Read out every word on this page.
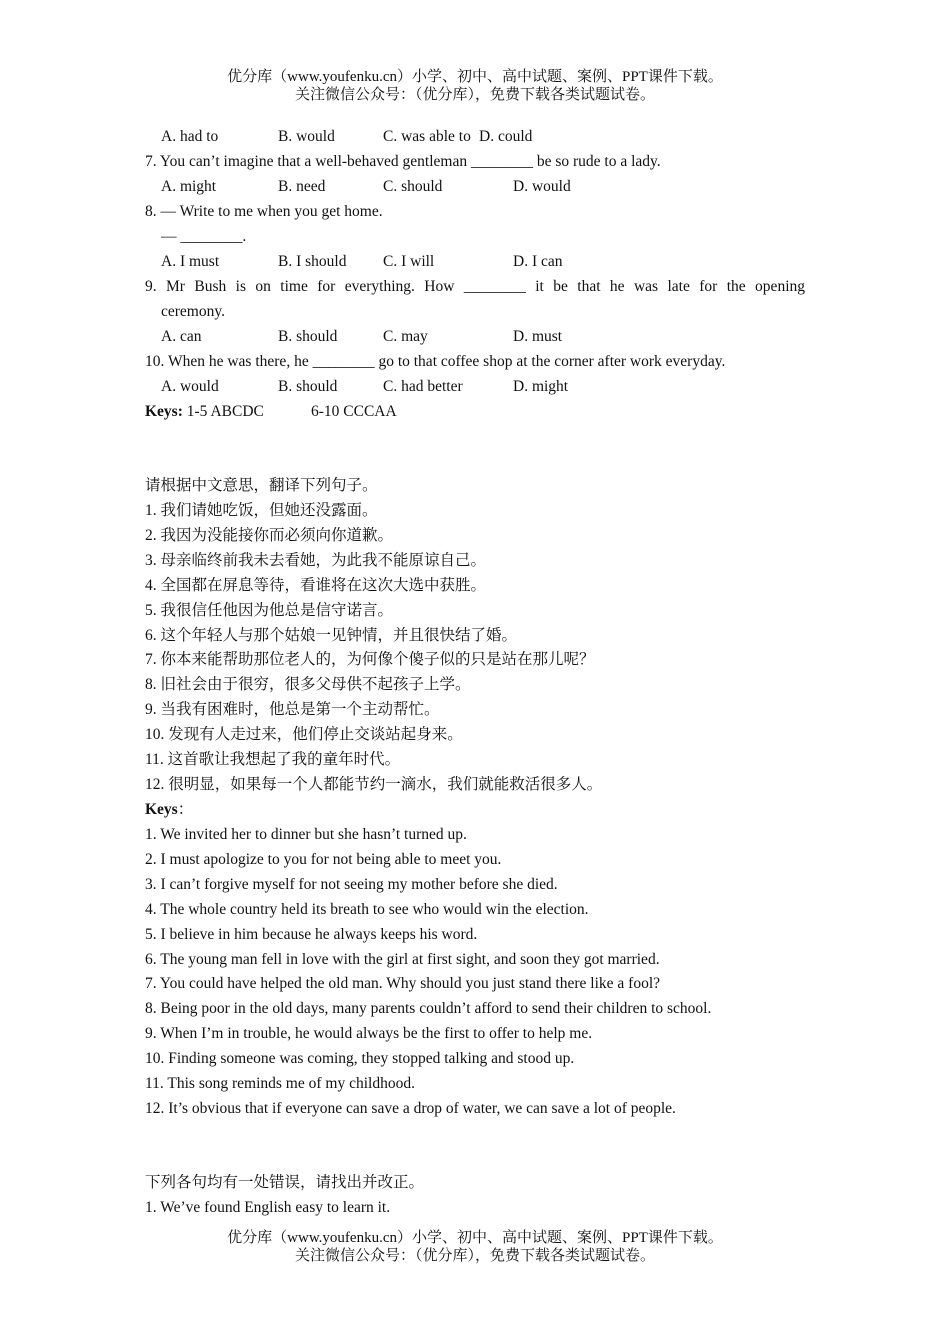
优分库（www.youfenku.cn）小学、初中、高中试题、案例、PPT课件下载。
关注微信公众号：（优分库），免费下载各类试题试卷。
A. had to	B. would	C. was able to D. could
7. You can’t imagine that a well-behaved gentleman ________ be so rude to a lady.
A. might	B. need	C. should	D. would
8. — Write to me when you get home.
— ________.
A. I must	B. I should C. I will	D. I can
9. Mr Bush is on time for everything. How ________ it be that he was late for the opening
ceremony.
A. can	B. should	C. may	D. must
10. When he was there, he ________ go to that coffee shop at the corner after work everyday.
A. would	B. should	C. had better	D. might
Keys: 1-5 ABCDC	6-10 CCCAA
请根据中文意思，翻译下列句子。
1. 我们请她吃饭，但她还没露面。
2. 我因为没能接你而必须向你道歉。
3. 母亲临终前我未去看她，为此我不能原谅自己。
4. 全国都在屏息等待，看谁将在这次大选中获胜。
5. 我很信任他因为他总是信守诺言。
6. 这个年轻人与那个姑娘一见钟情，并且很快结了婚。
7. 你本来能帮助那位老人的，为何像个傻子似的只是站在那儿呢？
8. 旧社会由于很穷，很多父母供不起孩子上学。
9. 当我有困难时，他总是第一个主动帮忙。
10. 发现有人走过来，他们停止交谈站起身来。
11. 这首歌让我想起了我的童年时代。
12. 很明显，如果每一个人都能节约一滴水，我们就能救活很多人。
Keys：
1. We invited her to dinner but she hasn’t turned up.
2. I must apologize to you for not being able to meet you.
3. I can’t forgive myself for not seeing my mother before she died.
4. The whole country held its breath to see who would win the election.
5. I believe in him because he always keeps his word.
6. The young man fell in love with the girl at first sight, and soon they got married.
7. You could have helped the old man. Why should you just stand there like a fool?
8. Being poor in the old days, many parents couldn’t afford to send their children to school.
9. When I’m in trouble, he would always be the first to offer to help me.
10. Finding someone was coming, they stopped talking and stood up.
11. This song reminds me of my childhood.
12. It’s obvious that if everyone can save a drop of water, we can save a lot of people.
下列各句均有一处错误，请找出并改正。
1. We’ve found English easy to learn it.
优分库（www.youfenku.cn）小学、初中、高中试题、案例、PPT课件下载。
关注微信公众号：（优分库），免费下载各类试题试卷。
